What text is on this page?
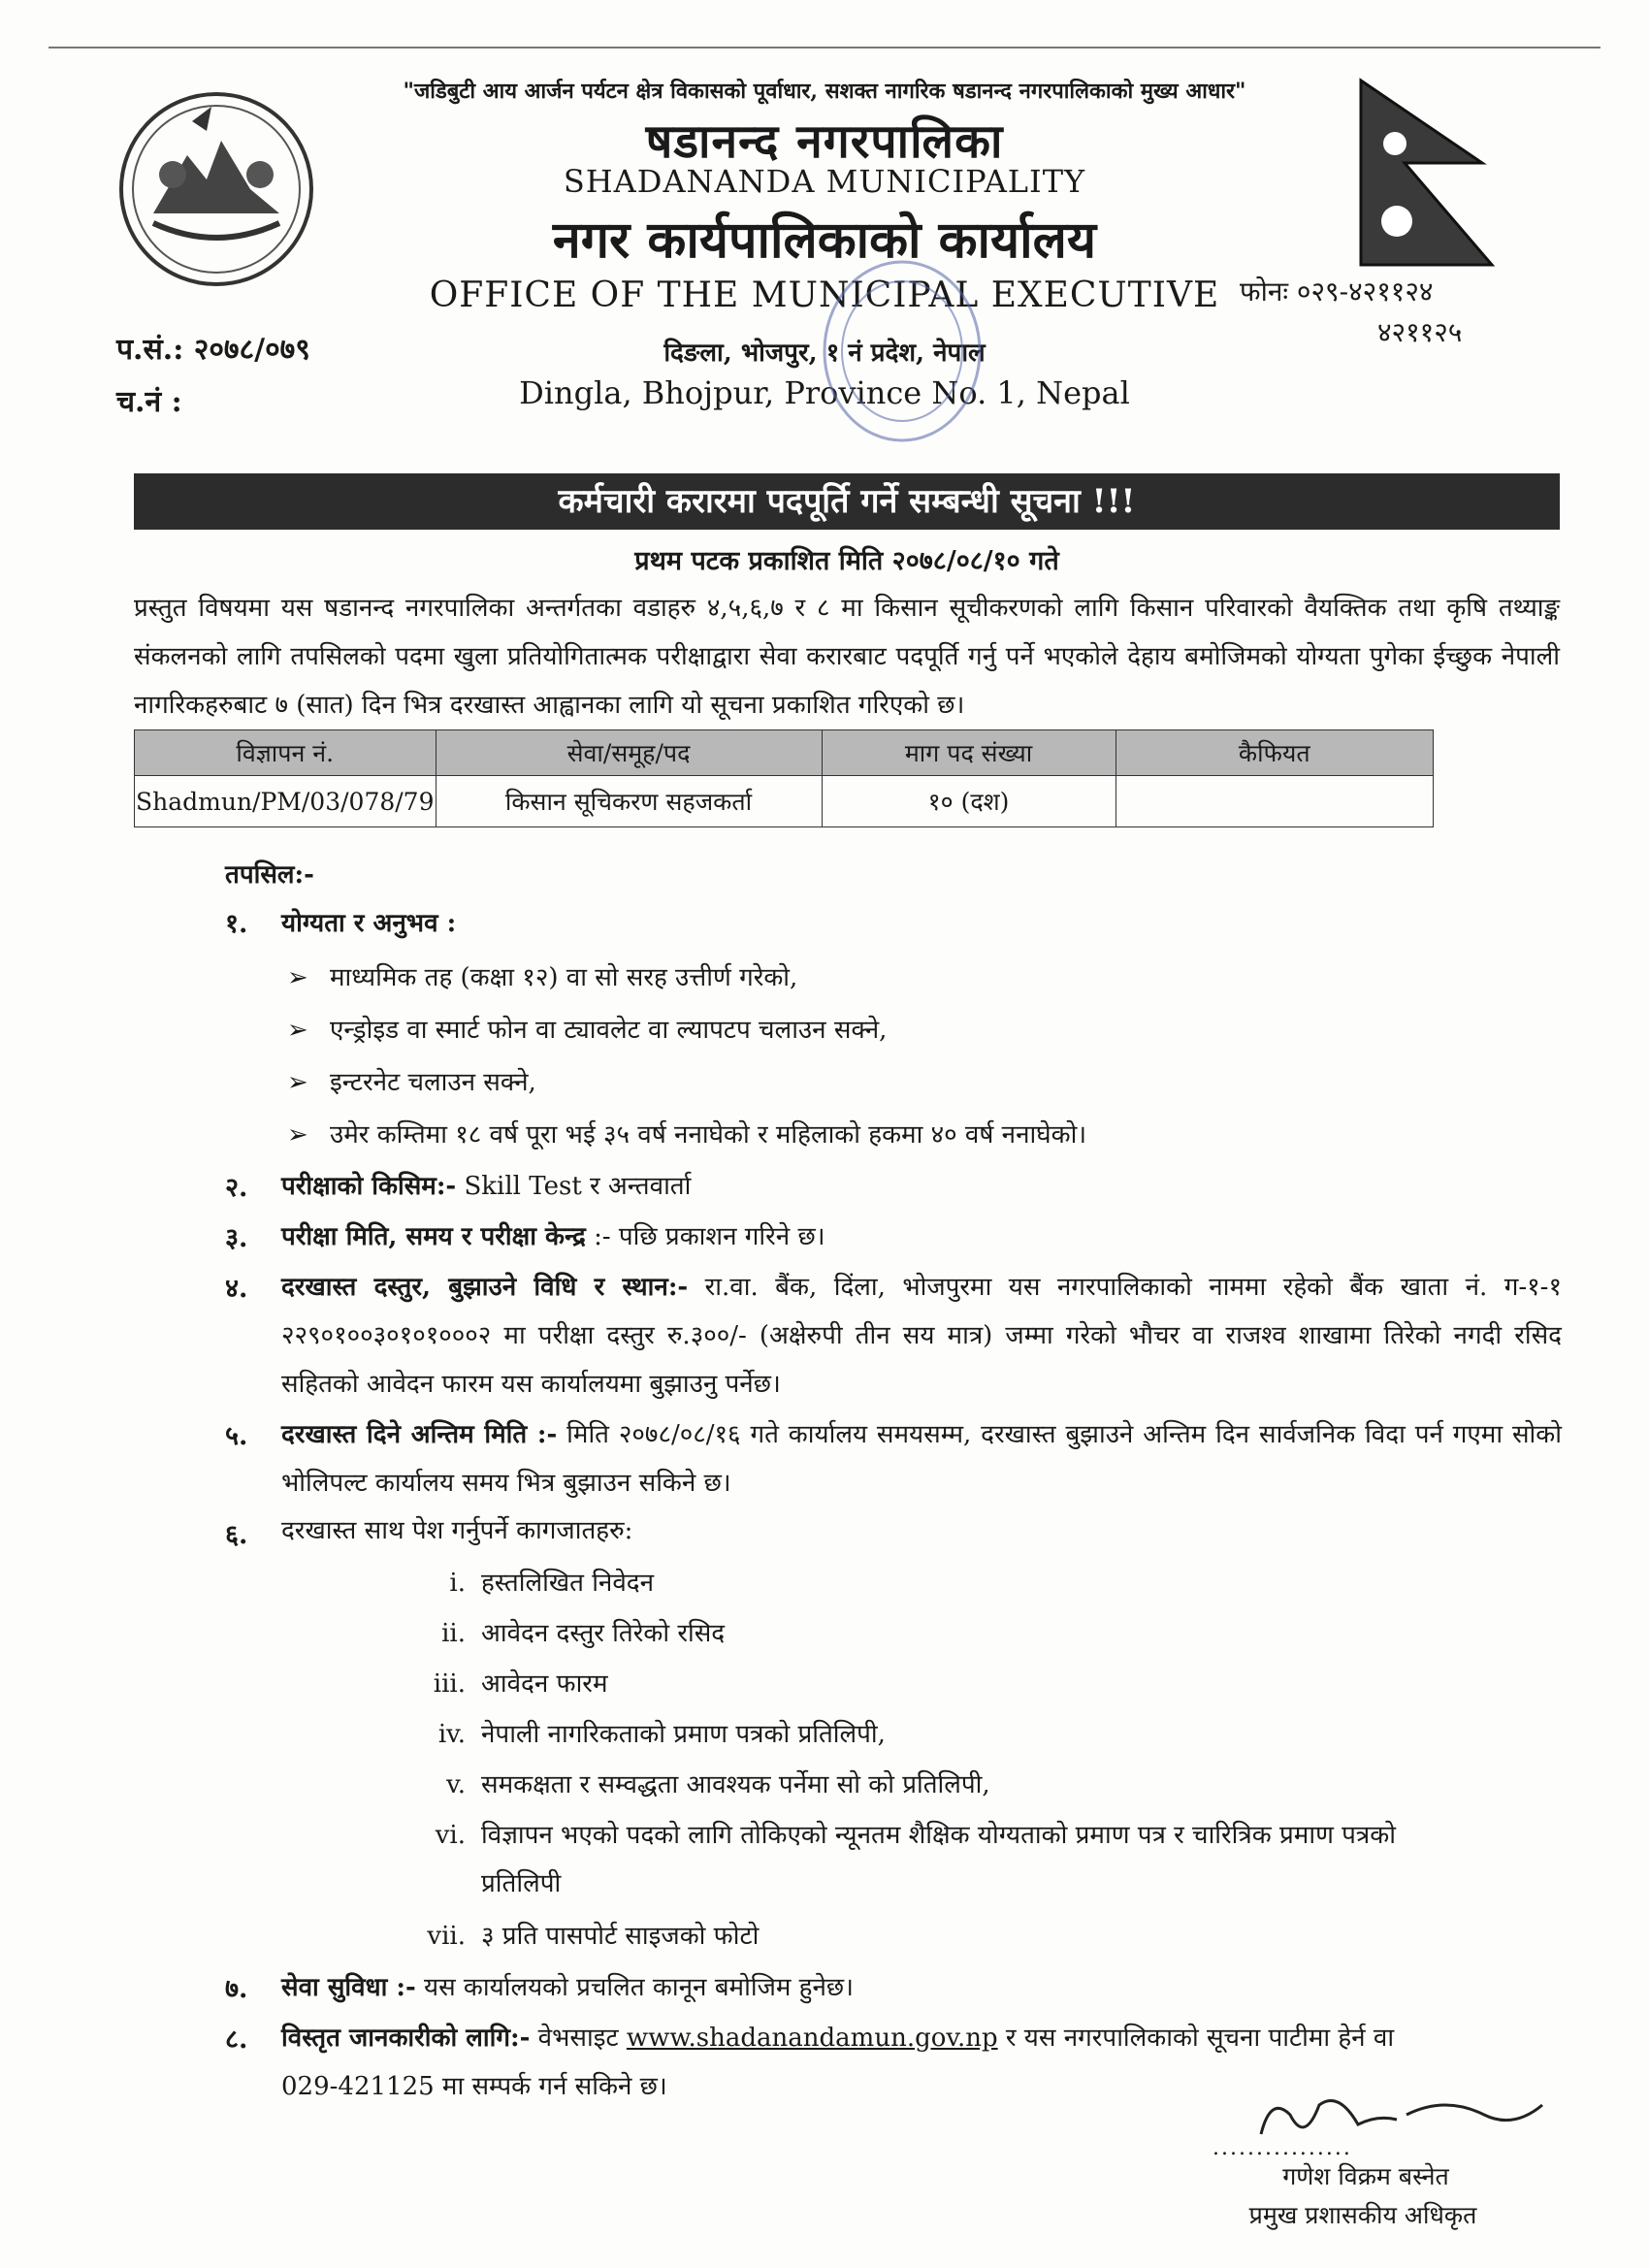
"जडिबुटी आय आर्जन पर्यटन क्षेत्र विकासको पूर्वाधार, सशक्त नागरिक षडानन्द नगरपालिकाको मुख्य आधार"
षडानन्द नगरपालिका
SHADANANDA MUNICIPALITY
नगर कार्यपालिकाको कार्यालय
OFFICE OF THE MUNICIPAL EXECUTIVE
दिङला, भोजपुर, १ नं प्रदेश, नेपाल
Dingla, Bhojpur, Province No. 1, Nepal
फोनः ०२९-४२११२४
४२११२५
प.सं.: २०७८/०७९
च.नं :
कर्मचारी करारमा पदपूर्ति गर्ने सम्बन्धी सूचना !!!
प्रथम पटक प्रकाशित मिति २०७८/०८/१० गते
प्रस्तुत विषयमा यस षडानन्द नगरपालिका अन्तर्गतका वडाहरु ४,५,६,७ र ८ मा किसान सूचीकरणको लागि किसान परिवारको वैयक्तिक तथा कृषि तथ्याङ्क संकलनको लागि तपसिलको पदमा खुला प्रतियोगितात्मक परीक्षाद्वारा सेवा करारबाट पदपूर्ति गर्नु पर्ने भएकोले देहाय बमोजिमको योग्यता पुगेका ईच्छुक नेपाली नागरिकहरुबाट ७ (सात) दिन भित्र दरखास्त आह्वानका लागि यो सूचना प्रकाशित गरिएको छ।
विज्ञापन नं.	सेवा/समूह/पद	माग पद संख्या	कैफियत
Shadmun/PM/03/078/79	किसान सूचिकरण सहजकर्ता	१० (दश)	
तपसिल:-
१. योग्यता र अनुभव :
➢ माध्यमिक तह (कक्षा १२) वा सो सरह उत्तीर्ण गरेको,
➢ एन्ड्रोइड वा स्मार्ट फोन वा ट्यावलेट वा ल्यापटप चलाउन सक्ने,
➢ इन्टरनेट चलाउन सक्ने,
➢ उमेर कम्तिमा १८ वर्ष पूरा भई ३५ वर्ष ननाघेको र महिलाको हकमा ४० वर्ष ननाघेको।
२. परीक्षाको किसिम:- Skill Test र अन्तवार्ता
३. परीक्षा मिति, समय र परीक्षा केन्द्र :- पछि प्रकाशन गरिने छ।
४. दरखास्त दस्तुर, बुझाउने विधि र स्थान:- रा.वा. बैंक, दिंला, भोजपुरमा यस नगरपालिकाको नाममा रहेको बैंक खाता नं. ग-१-१ २२९०१००३०१०१०००२ मा परीक्षा दस्तुर रु.३००/- (अक्षेरुपी तीन सय मात्र) जम्मा गरेको भौचर वा राजश्व शाखामा तिरेको नगदी रसिद सहितको आवेदन फारम यस कार्यालयमा बुझाउनु पर्नेछ।
५. दरखास्त दिने अन्तिम मिति :- मिति २०७८/०८/१६ गते कार्यालय समयसम्म, दरखास्त बुझाउने अन्तिम दिन सार्वजनिक विदा पर्न गएमा सोको भोलिपल्ट कार्यालय समय भित्र बुझाउन सकिने छ।
६. दरखास्त साथ पेश गर्नुपर्ने कागजातहरु:
i. हस्तलिखित निवेदन
ii. आवेदन दस्तुर तिरेको रसिद
iii. आवेदन फारम
iv. नेपाली नागरिकताको प्रमाण पत्रको प्रतिलिपी,
v. समकक्षता र सम्वद्धता आवश्यक पर्नेमा सो को प्रतिलिपी,
vi. विज्ञापन भएको पदको लागि तोकिएको न्यूनतम शैक्षिक योग्यताको प्रमाण पत्र र चारित्रिक प्रमाण पत्रको
प्रतिलिपी
vii. ३ प्रति पासपोर्ट साइजको फोटो
७. सेवा सुविधा :- यस कार्यालयको प्रचलित कानून बमोजिम हुनेछ।
८. विस्तृत जानकारीको लागि:- वेभसाइट www.shadanandamun.gov.np र यस नगरपालिकाको सूचना पाटीमा हेर्न वा
029-421125 मा सम्पर्क गर्न सकिने छ।
................
गणेश विक्रम बस्नेत
प्रमुख प्रशासकीय अधिकृत
